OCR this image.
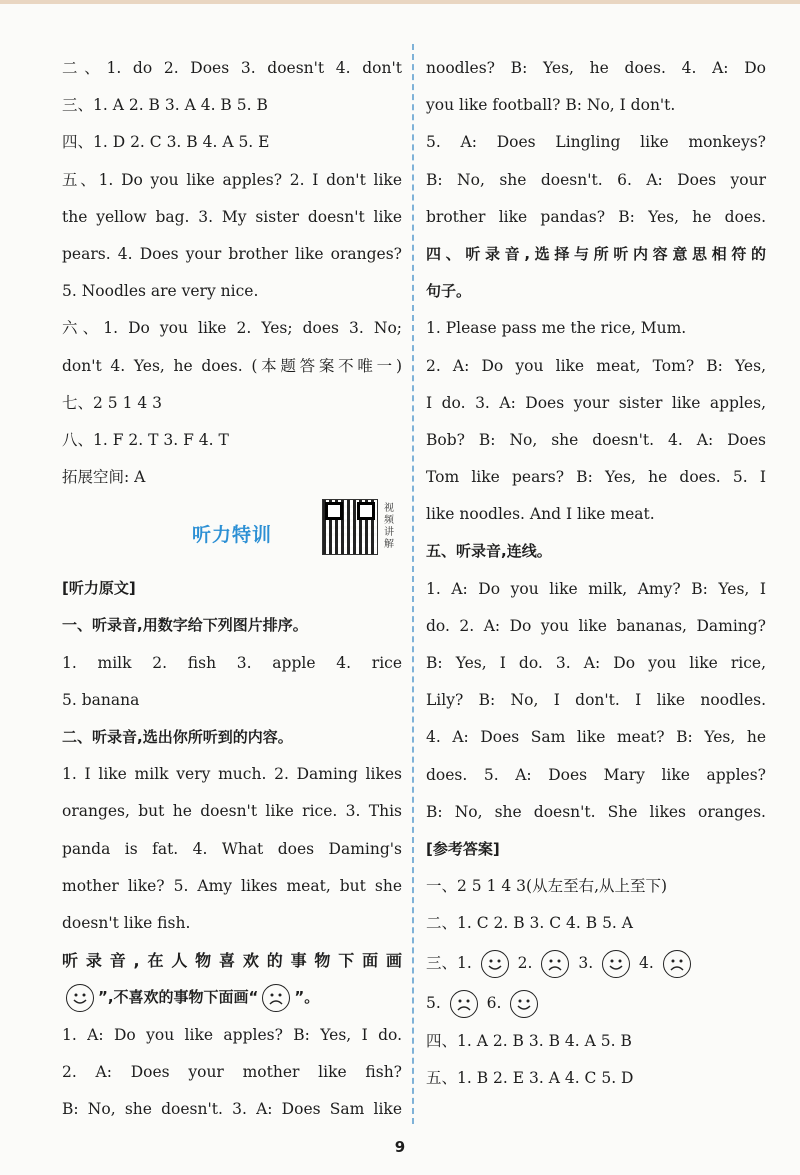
二、1. do 2. Does 3. doesn't 4. don't
三、1. A 2. B 3. A 4. B 5. B
四、1. D 2. C 3. B 4. A 5. E
五、1. Do you like apples? 2. I don't like
the yellow bag. 3. My sister doesn't like
pears. 4. Does your brother like oranges?
5. Noodles are very nice.
六、1. Do you like 2. Yes; does 3. No;
don't 4. Yes, he does. (本题答案不唯一)
七、2 5 1 4 3
八、1. F 2. T 3. F 4. T
拓展空间: A
听力特训
视频讲解
[听力原文]
一、听录音,用数字给下列图片排序。
1. milk 2. fish 3. apple 4. rice
5. banana
二、听录音,选出你所听到的内容。
1. I like milk very much. 2. Daming likes
oranges, but he doesn't like rice. 3. This
panda is fat. 4. What does Daming's
mother like? 5. Amy likes meat, but she
doesn't like fish.
听录音,在人物喜欢的事物下面画
”,不喜欢的事物下面画“ ”。
1. A: Do you like apples? B: Yes, I do.
2. A: Does your mother like fish?
B: No, she doesn't. 3. A: Does Sam like
noodles? B: Yes, he does. 4. A: Do
you like football? B: No, I don't.
5. A: Does Lingling like monkeys?
B: No, she doesn't. 6. A: Does your
brother like pandas? B: Yes, he does.
四、听录音,选择与所听内容意思相符的
句子。
1. Please pass me the rice, Mum.
2. A: Do you like meat, Tom? B: Yes,
I do. 3. A: Does your sister like apples,
Bob? B: No, she doesn't. 4. A: Does
Tom like pears? B: Yes, he does. 5. I
like noodles. And I like meat.
五、听录音,连线。
1. A: Do you like milk, Amy? B: Yes, I
do. 2. A: Do you like bananas, Daming?
B: Yes, I do. 3. A: Do you like rice,
Lily? B: No, I don't. I like noodles.
4. A: Does Sam like meat? B: Yes, he
does. 5. A: Does Mary like apples?
B: No, she doesn't. She likes oranges.
[参考答案]
一、2 5 1 4 3(从左至右,从上至下)
二、1. C 2. B 3. C 4. B 5. A
三、1.	2.	3.	4.
5.	6.
四、1. A 2. B 3. B 4. A 5. B
五、1. B 2. E 3. A 4. C 5. D
9
